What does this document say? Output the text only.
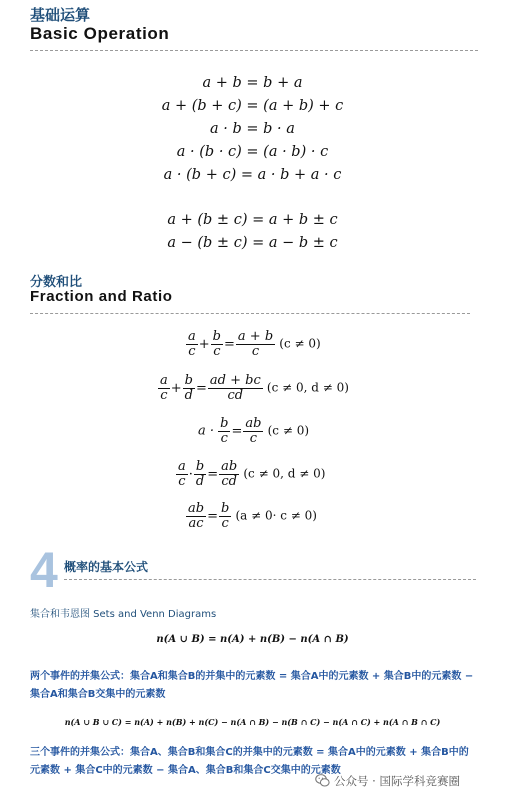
基础运算
Basic Operation
a + b = b + a
a + (b + c) = (a + b) + c
a · b = b · a
a · (b · c) = (a · b) · c
a · (b + c) = a · b + a · c
a + (b ± c) = a + b ± c
a − (b ± c) = a − b ± c
分数和比
Fraction and Ratio
$\frac{a}{c} + \frac{b}{c} = \frac{a + b}{c} (c \ne 0)$
$\frac{a}{c} + \frac{b}{d} = \frac{ad + bc}{cd} (c \ne 0$, d ≠ 0)
$a \cdot \frac{b}{c} = \frac{ab}{c} (c \ne 0)$
$\frac{a}{c} \cdot \frac{b}{d} = \frac{ab}{cd} (c \ne 0$, d ≠ 0)
$\frac{ab}{ac} = \frac{b}{c} (a \ne 0\cdot c \ne 0)$
4 概率的基本公式
集合和韦恩图 Sets and Venn Diagrams
n(A ∪ B) = n(A) + n(B) − n(A ∩ B)
两个事件的并集公式：集合A和集合B的并集中的元素数 = 集合A中的元素数 + 集合B中的元素数 −
集合A和集合B交集中的元素数
n(A ∪ B ∪ C) = n(A) + n(B) + n(C) − n(A ∩ B) − n(B ∩ C) − n(A ∩ C) + n(A ∩ B ∩ C)
三个事件的并集公式：集合A、集合B和集合C的并集中的元素数 = 集合A中的元素数 + 集合B中的
元素数 + 集合C中的元素数 − 集合A、集合B和集合C交集中的元素数
公众号 · 国际学科竞赛圈
